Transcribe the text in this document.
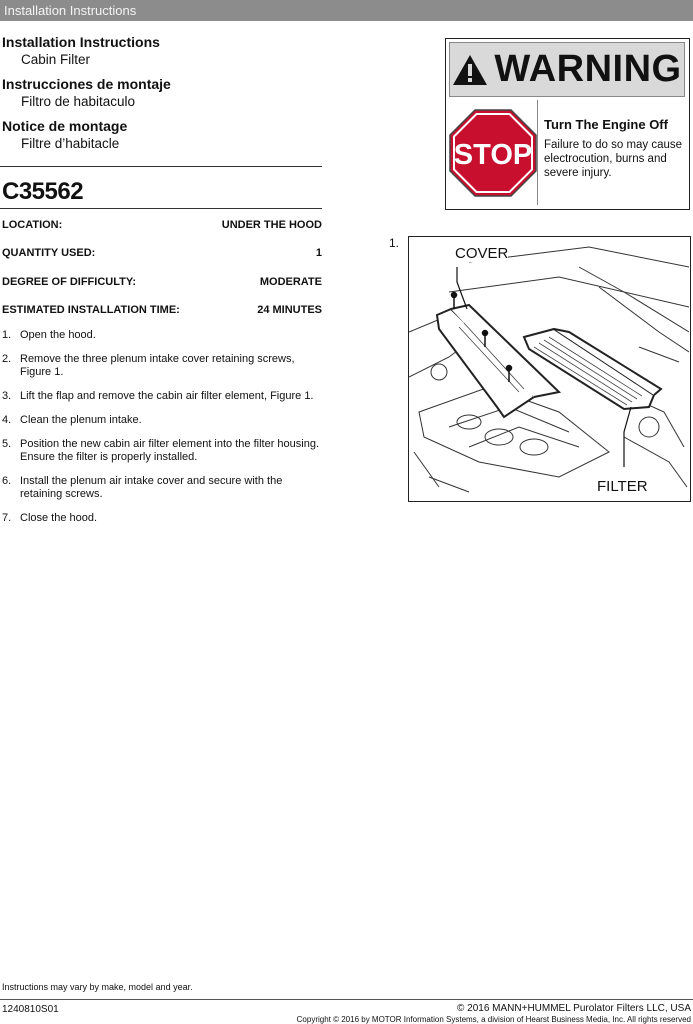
Installation Instructions
Installation Instructions
Cabin Filter
Instrucciones de montaje
Filtro de habitaculo
Notice de montage
Filtre d’habitacle
C35562
LOCATION:	UNDER THE HOOD
QUANTITY USED:	1
DEGREE OF DIFFICULTY:	MODERATE
ESTIMATED INSTALLATION TIME:	24 MINUTES
1. Open the hood.
2. Remove the three plenum intake cover retaining screws, Figure 1.
3. Lift the flap and remove the cabin air filter element, Figure 1.
4. Clean the plenum intake.
5. Position the new cabin air filter element into the filter housing. Ensure the filter is properly installed.
6. Install the plenum air intake cover and secure with the retaining screws.
7. Close the hood.
WARNING
STOP
Turn The Engine Off
Failure to do so may cause electrocution, burns and severe injury.
1.
COVER
FILTER
Instructions may vary by make, model and year.
1240810S01	© 2016 MANN+HUMMEL Purolator Filters LLC, USA
Copyright © 2016 by MOTOR Information Systems, a division of Hearst Business Media, Inc. All rights reserved
